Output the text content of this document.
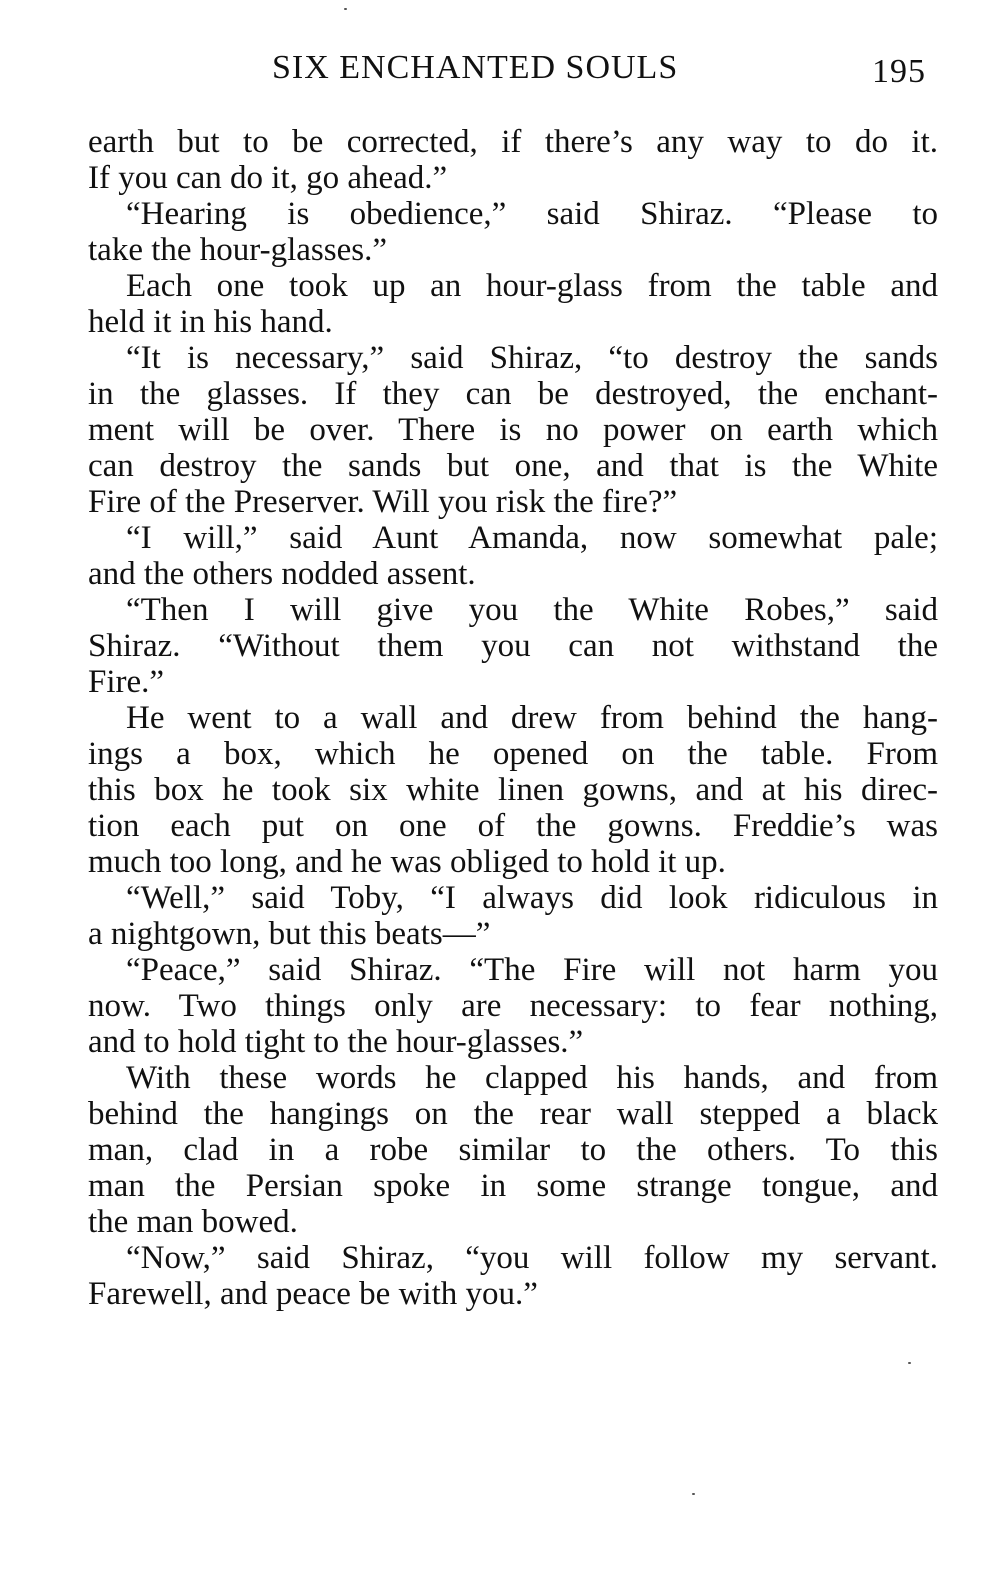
SIX ENCHANTED SOULS	195
earth but to be corrected, if there’s any way to do it.
If you can do it, go ahead.”
“Hearing is obedience,” said Shiraz. “Please to
take the hour-glasses.”
Each one took up an hour-glass from the table and
held it in his hand.
“It is necessary,” said Shiraz, “to destroy the sands
in the glasses. If they can be destroyed, the enchant-
ment will be over. There is no power on earth which
can destroy the sands but one, and that is the White
Fire of the Preserver. Will you risk the fire?”
“I will,” said Aunt Amanda, now somewhat pale;
and the others nodded assent.
“Then I will give you the White Robes,” said
Shiraz. “Without them you can not withstand the
Fire.”
He went to a wall and drew from behind the hang-
ings a box, which he opened on the table. From
this box he took six white linen gowns, and at his direc-
tion each put on one of the gowns. Freddie’s was
much too long, and he was obliged to hold it up.
“Well,” said Toby, “I always did look ridiculous in
a nightgown, but this beats—”
“Peace,” said Shiraz. “The Fire will not harm you
now. Two things only are necessary: to fear nothing,
and to hold tight to the hour-glasses.”
With these words he clapped his hands, and from
behind the hangings on the rear wall stepped a black
man, clad in a robe similar to the others. To this
man the Persian spoke in some strange tongue, and
the man bowed.
“Now,” said Shiraz, “you will follow my servant.
Farewell, and peace be with you.”
